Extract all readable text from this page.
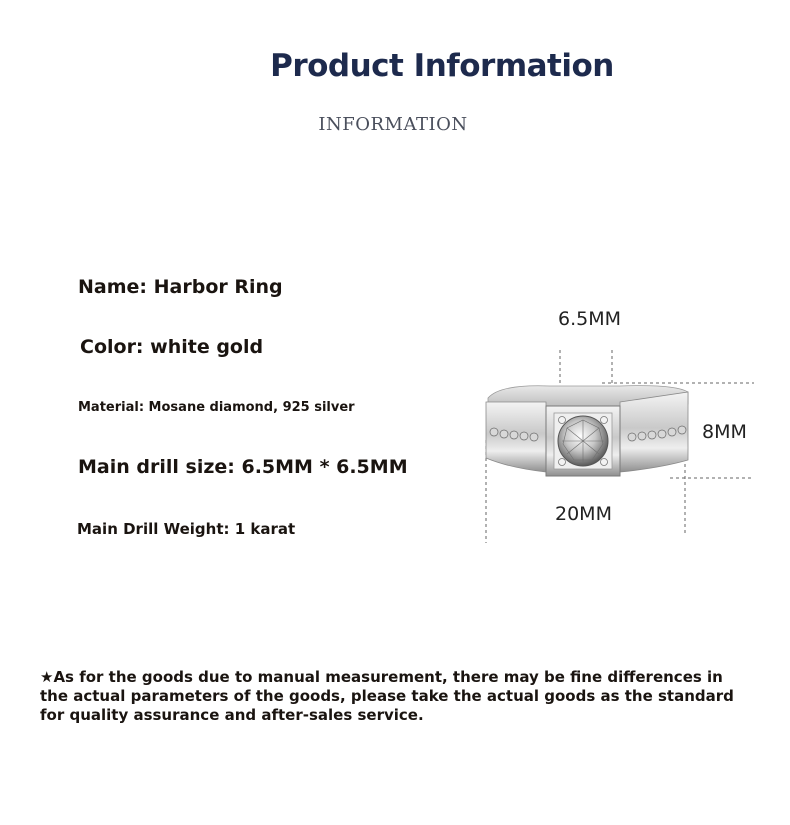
Product Information
INFORMATION
Name: Harbor Ring
Color: white gold
Material: Mosane diamond, 925 silver
Main drill size: 6.5MM * 6.5MM
Main Drill Weight: 1 karat
6.5MM
8MM
20MM
★As for the goods due to manual measurement, there may be fine differences in the actual parameters of the goods, please take the actual goods as the standard for quality assurance and after-sales service.
